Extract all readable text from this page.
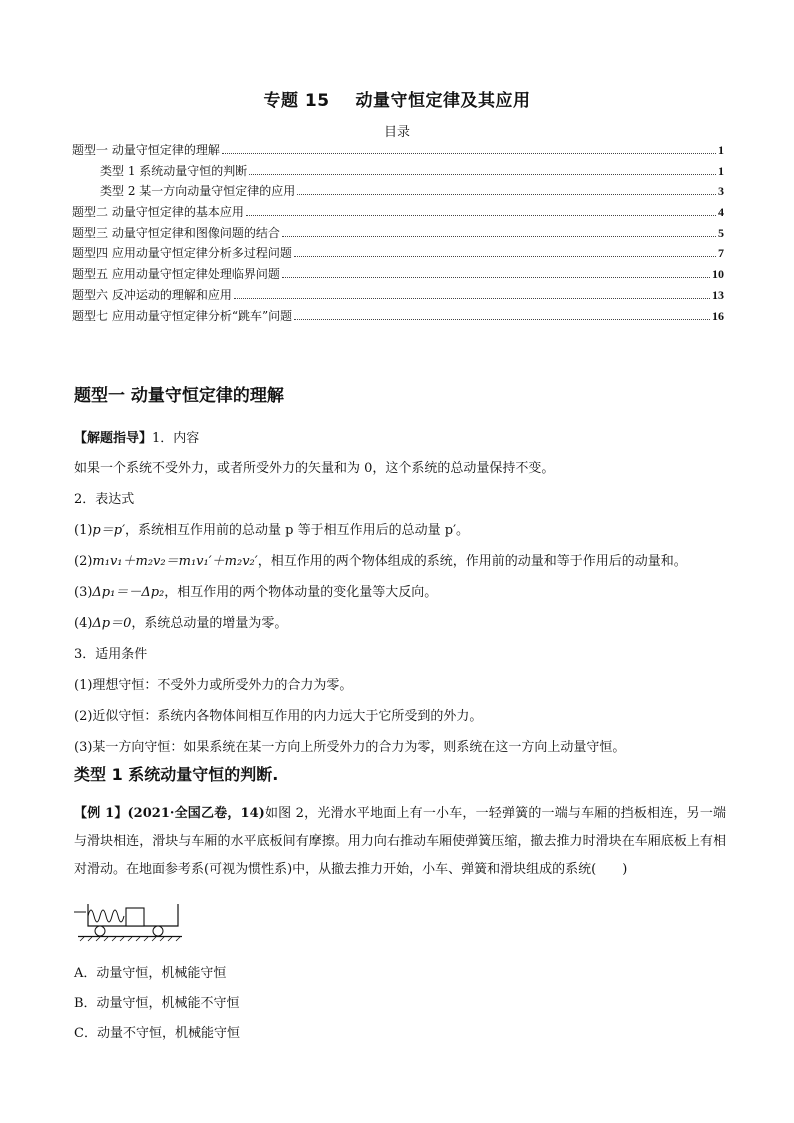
专题 15 动量守恒定律及其应用
目录
题型一 动量守恒定律的理解	1
类型 1 系统动量守恒的判断	1
类型 2 某一方向动量守恒定律的应用	3
题型二 动量守恒定律的基本应用	4
题型三 动量守恒定律和图像问题的结合	5
题型四 应用动量守恒定律分析多过程问题	7
题型五 应用动量守恒定律处理临界问题	10
题型六 反冲运动的理解和应用	13
题型七 应用动量守恒定律分析“跳车”问题	16
题型一 动量守恒定律的理解
【解题指导】1．内容
如果一个系统不受外力，或者所受外力的矢量和为 0，这个系统的总动量保持不变。
2．表达式
(1)p＝p′，系统相互作用前的总动量 p 等于相互作用后的总动量 p′。
(2)m₁v₁＋m₂v₂＝m₁v₁′＋m₂v₂′，相互作用的两个物体组成的系统，作用前的动量和等于作用后的动量和。
(3)Δp₁＝－Δp₂，相互作用的两个物体动量的变化量等大反向。
(4)Δp＝0，系统总动量的增量为零。
3．适用条件
(1)理想守恒：不受外力或所受外力的合力为零。
(2)近似守恒：系统内各物体间相互作用的内力远大于它所受到的外力。
(3)某一方向守恒：如果系统在某一方向上所受外力的合力为零，则系统在这一方向上动量守恒。
类型 1 系统动量守恒的判断.
【例 1】(2021·全国乙卷，14)如图 2，光滑水平地面上有一小车，一轻弹簧的一端与车厢的挡板相连，另一端与滑块相连，滑块与车厢的水平底板间有摩擦。用力向右推动车厢使弹簧压缩，撤去推力时滑块在车厢底板上有相对滑动。在地面参考系(可视为惯性系)中，从撤去推力开始，小车、弹簧和滑块组成的系统(　　)
A．动量守恒，机械能守恒
B．动量守恒，机械能不守恒
C．动量不守恒，机械能守恒
